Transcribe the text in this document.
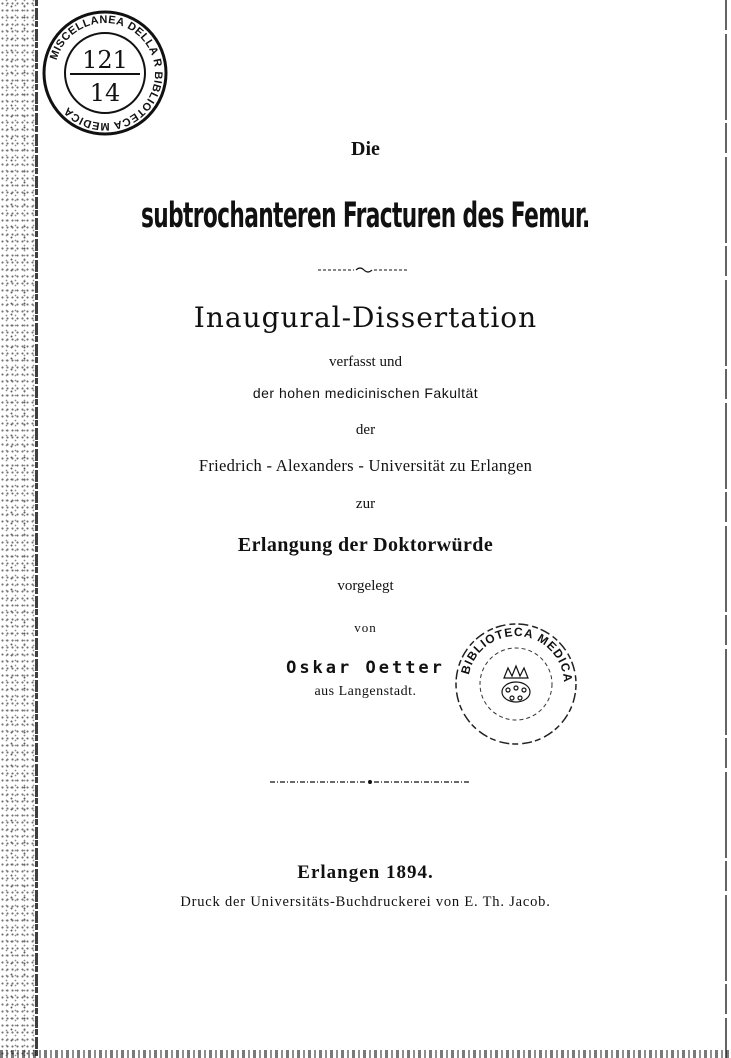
MISCELLANEA DELLA R BIBLIOTECA MEDICA
121
14
Die
subtrochanteren Fracturen des Femur.
Inaugural-Dissertation
verfasst und
der hohen medicinischen Fakultät
der
Friedrich - Alexanders - Universität zu Erlangen
zur
Erlangung der Doktorwürde
vorgelegt
von
Oskar Oetter
aus Langenstadt.
BIBLIOTECA MEDICA
Erlangen 1894.
Druck der Universitäts-Buchdruckerei von E. Th. Jacob.
